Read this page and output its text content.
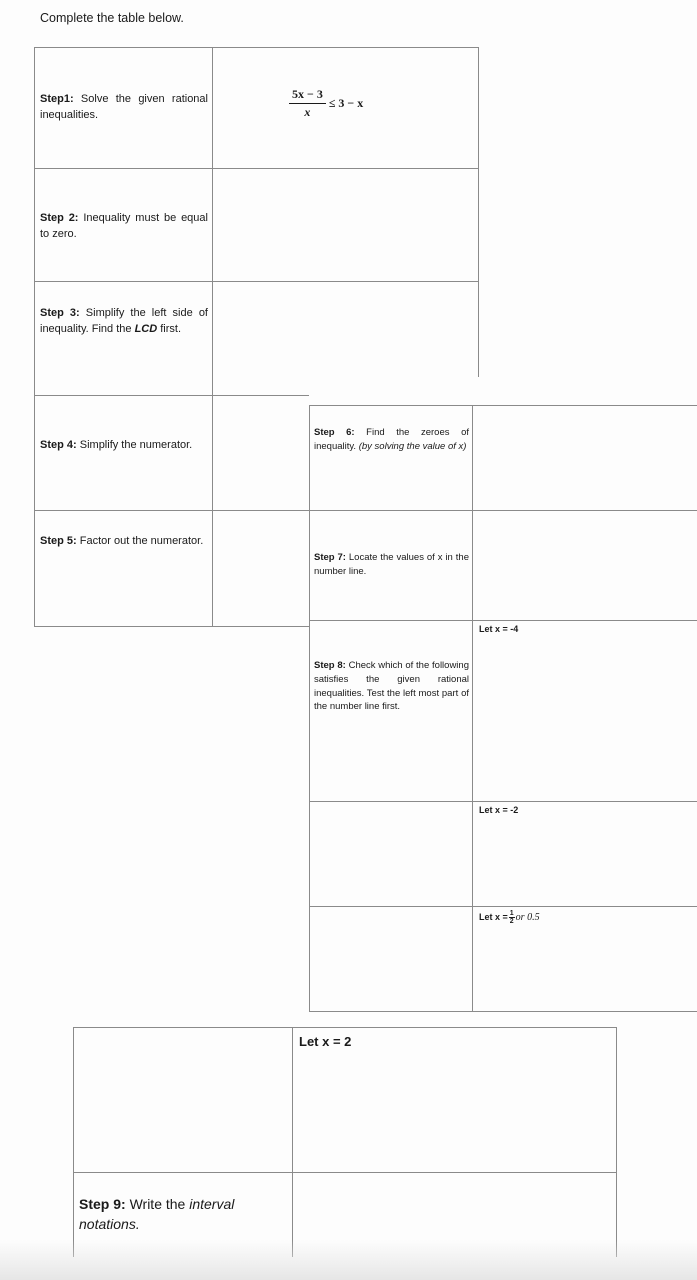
Complete the table below.
Step1: Solve the given rational inequalities.	$\frac{5x - 3}{x} \le 3 - x$
Step 2: Inequality must be equal to zero.
Step 3: Simplify the left side of inequality. Find the LCD first.
Step 4: Simplify the numerator.
Step 5: Factor out the numerator.
Step 6: Find the zeroes of inequality. (by solving the value of x)
Step 7: Locate the values of x in the number line.
Step 8: Check which of the following satisfies the given rational inequalities. Test the left most part of the number line first.
Let x = -4
Let x = -2
Let $x = \frac{1}{2}$ or 0.5
Let x = 2
Step 9: Write the interval notations.
